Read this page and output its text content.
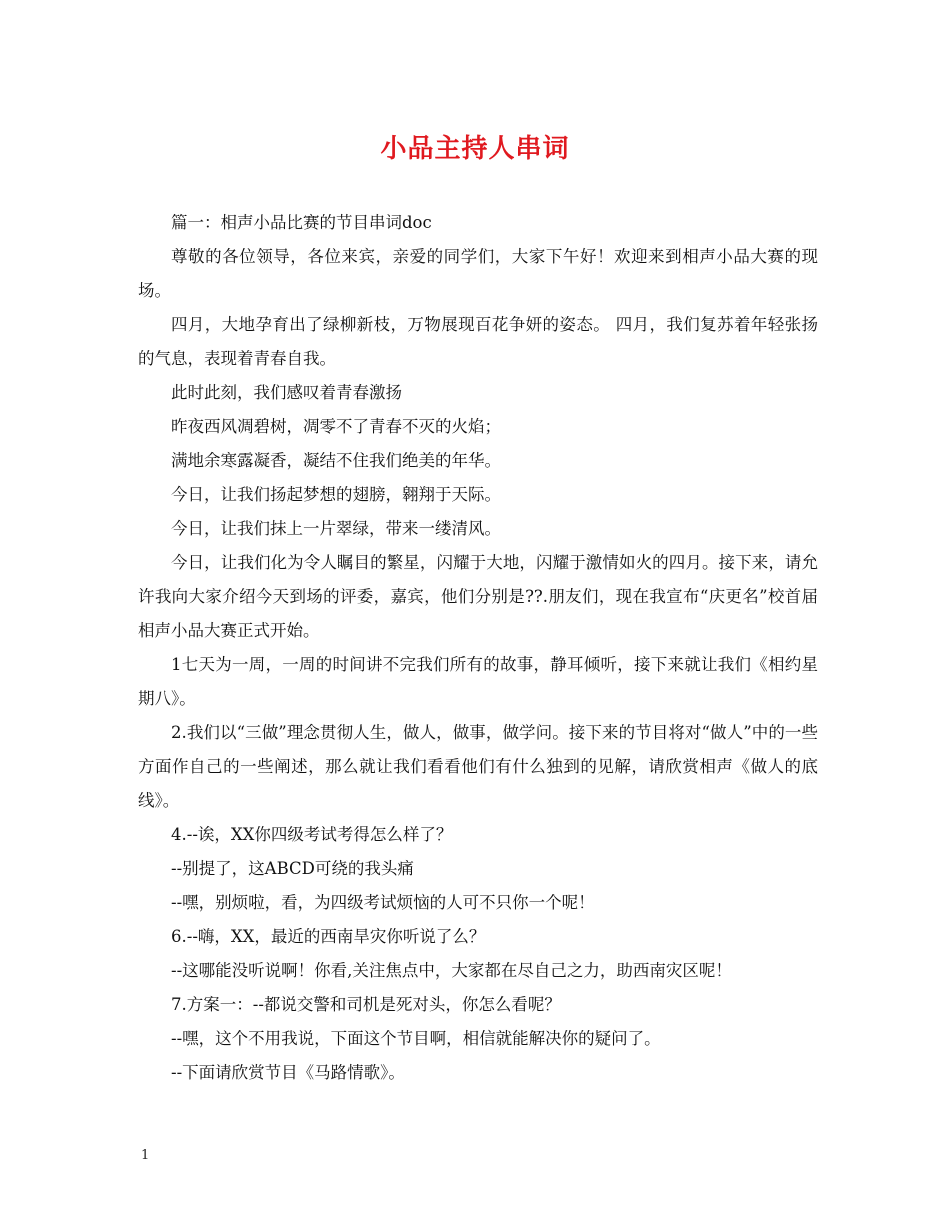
小品主持人串词

篇一：相声小品比赛的节目串词doc

尊敬的各位领导，各位来宾，亲爱的同学们，大家下午好！欢迎来到相声小品大赛的现场。

四月，大地孕育出了绿柳新枝，万物展现百花争妍的姿态。 四月，我们复苏着年轻张扬的气息，表现着青春自我。

此时此刻，我们感叹着青春激扬

昨夜西风凋碧树，凋零不了青春不灭的火焰；

满地余寒露凝香，凝结不住我们绝美的年华。

今日，让我们扬起梦想的翅膀，翱翔于天际。

今日，让我们抹上一片翠绿，带来一缕清风。

今日，让我们化为令人瞩目的繁星，闪耀于大地，闪耀于激情如火的四月。接下来，请允许我向大家介绍今天到场的评委，嘉宾，他们分别是??.朋友们，现在我宣布“庆更名”校首届相声小品大赛正式开始。

1七天为一周，一周的时间讲不完我们所有的故事，静耳倾听，接下来就让我们《相约星期八》。

2.我们以“三做”理念贯彻人生，做人，做事，做学问。接下来的节目将对“做人”中的一些方面作自己的一些阐述，那么就让我们看看他们有什么独到的见解，请欣赏相声《做人的底线》。

4.--诶，XX你四级考试考得怎么样了？

--别提了，这ABCD可绕的我头痛

--嘿，别烦啦，看，为四级考试烦恼的人可不只你一个呢！

6.--嗨，XX，最近的西南旱灾你听说了么？

--这哪能没听说啊！你看,关注焦点中，大家都在尽自己之力，助西南灾区呢！

7.方案一：--都说交警和司机是死对头，你怎么看呢？

--嘿，这个不用我说，下面这个节目啊，相信就能解决你的疑问了。

--下面请欣赏节目《马路情歌》。

1
